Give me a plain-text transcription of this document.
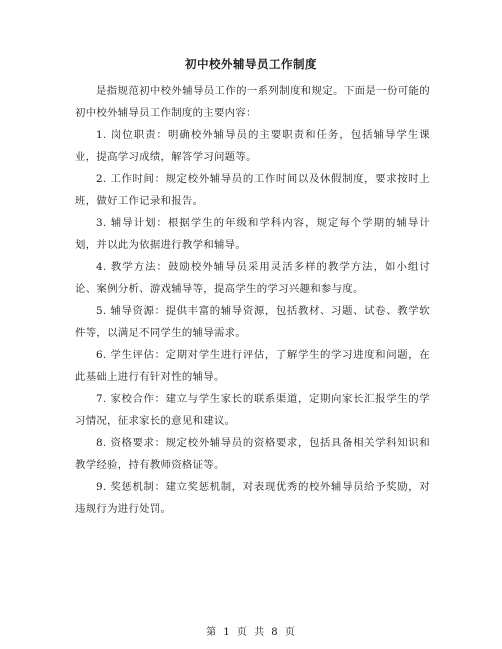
初中校外辅导员工作制度

是指规范初中校外辅导员工作的一系列制度和规定。下面是一份可能的初中校外辅导员工作制度的主要内容：

1. 岗位职责：明确校外辅导员的主要职责和任务，包括辅导学生课业，提高学习成绩，解答学习问题等。

2. 工作时间：规定校外辅导员的工作时间以及休假制度，要求按时上班，做好工作记录和报告。

3. 辅导计划：根据学生的年级和学科内容，规定每个学期的辅导计划，并以此为依据进行教学和辅导。

4. 教学方法：鼓励校外辅导员采用灵活多样的教学方法，如小组讨论、案例分析、游戏辅导等，提高学生的学习兴趣和参与度。

5. 辅导资源：提供丰富的辅导资源，包括教材、习题、试卷、教学软件等，以满足不同学生的辅导需求。

6. 学生评估：定期对学生进行评估，了解学生的学习进度和问题，在此基础上进行有针对性的辅导。

7. 家校合作：建立与学生家长的联系渠道，定期向家长汇报学生的学习情况，征求家长的意见和建议。

8. 资格要求：规定校外辅导员的资格要求，包括具备相关学科知识和教学经验，持有教师资格证等。

9. 奖惩机制：建立奖惩机制，对表现优秀的校外辅导员给予奖励，对违规行为进行处罚。

第 1 页 共 8 页
